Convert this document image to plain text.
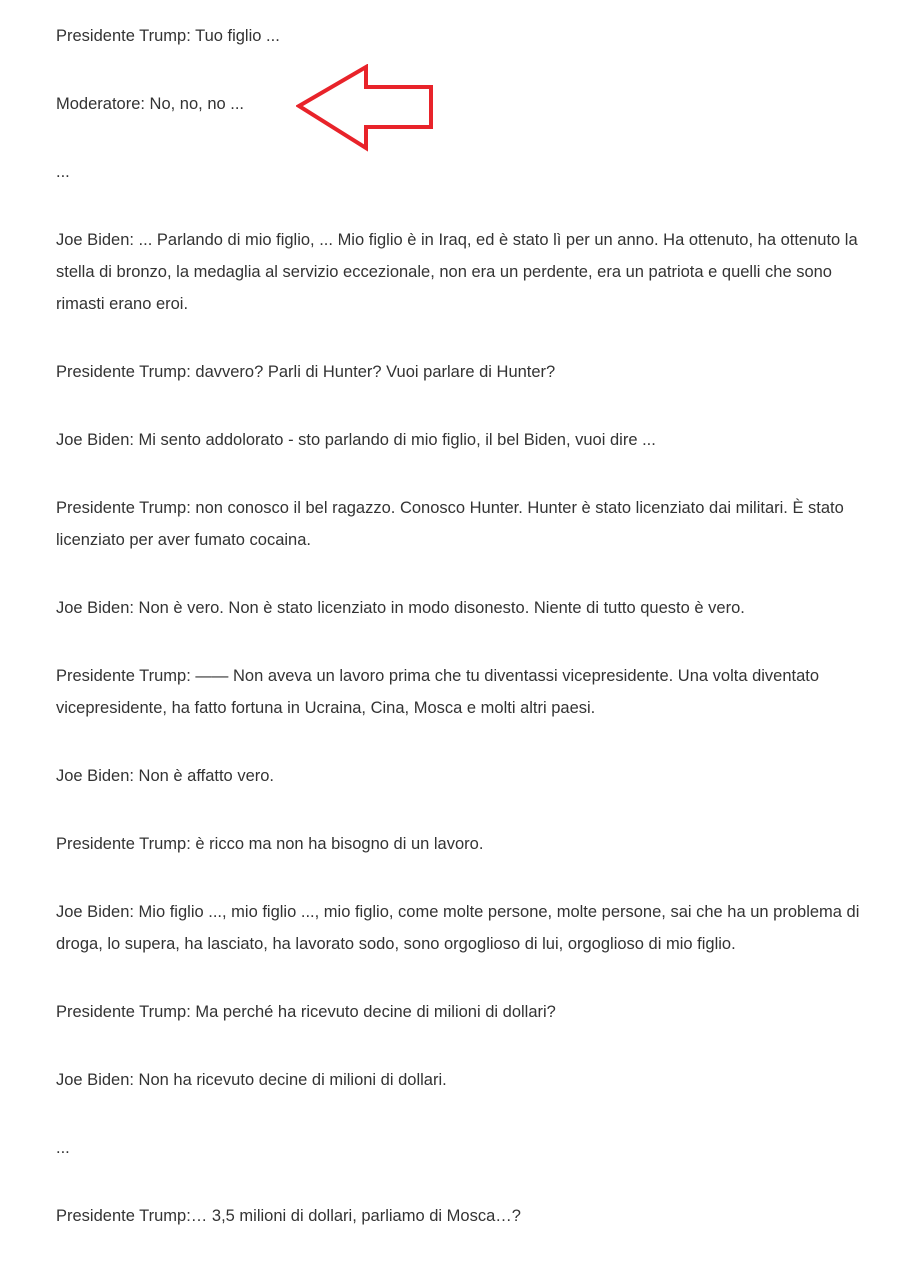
Presidente Trump: Tuo figlio ...

Moderatore: No, no, no ...

...

Joe Biden: ... Parlando di mio figlio, ... Mio figlio è in Iraq, ed è stato lì per un anno. Ha ottenuto, ha ottenuto la stella di bronzo, la medaglia al servizio eccezionale, non era un perdente, era un patriota e quelli che sono rimasti erano eroi.

Presidente Trump: davvero? Parli di Hunter? Vuoi parlare di Hunter?

Joe Biden: Mi sento addolorato - sto parlando di mio figlio, il bel Biden, vuoi dire ...

Presidente Trump: non conosco il bel ragazzo. Conosco Hunter. Hunter è stato licenziato dai militari. È stato licenziato per aver fumato cocaina.

Joe Biden: Non è vero. Non è stato licenziato in modo disonesto. Niente di tutto questo è vero.

Presidente Trump: —— Non aveva un lavoro prima che tu diventassi vicepresidente. Una volta diventato vicepresidente, ha fatto fortuna in Ucraina, Cina, Mosca e molti altri paesi.

Joe Biden: Non è affatto vero.

Presidente Trump: è ricco ma non ha bisogno di un lavoro.

Joe Biden: Mio figlio ..., mio figlio ..., mio figlio, come molte persone, molte persone, sai che ha un problema di droga, lo supera, ha lasciato, ha lavorato sodo, sono orgoglioso di lui, orgoglioso di mio figlio.

Presidente Trump: Ma perché ha ricevuto decine di milioni di dollari?

Joe Biden: Non ha ricevuto decine di milioni di dollari.

...

Presidente Trump:… 3,5 milioni di dollari, parliamo di Mosca…?
